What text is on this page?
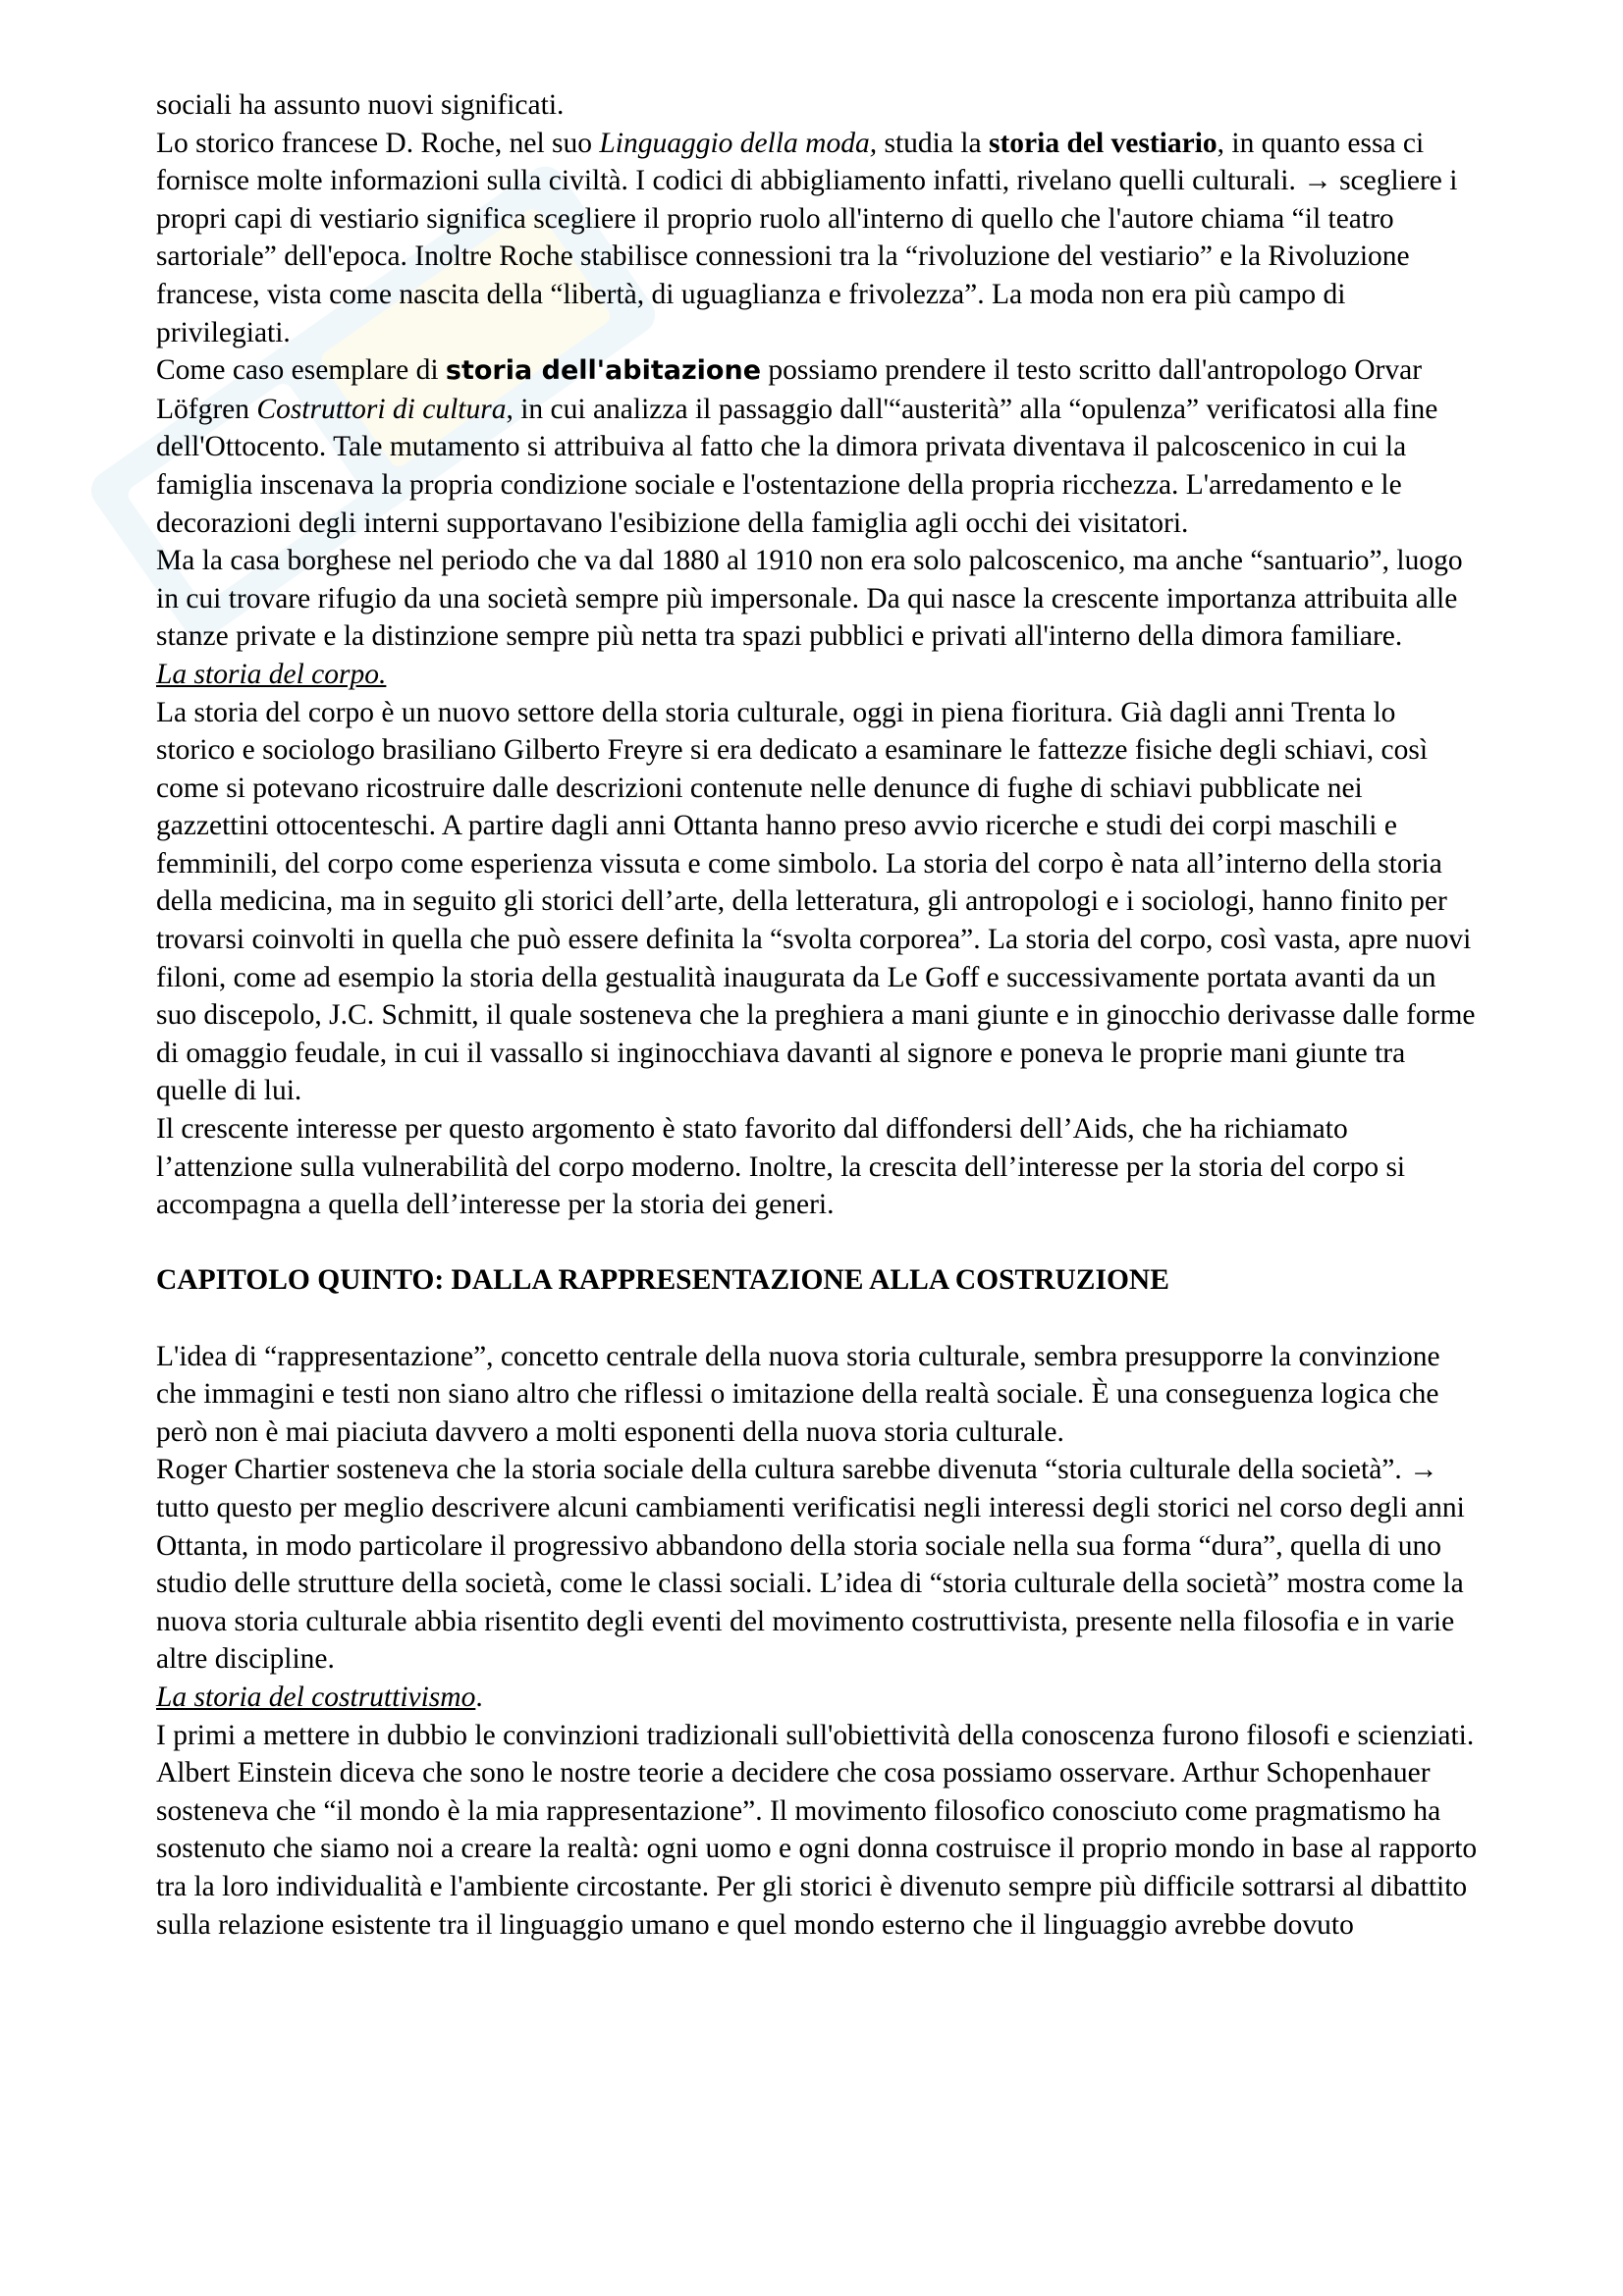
sociali ha assunto nuovi significati.

Lo storico francese D. Roche, nel suo Linguaggio della moda, studia la storia del vestiario, in quanto essa ci fornisce molte informazioni sulla civiltà. I codici di abbigliamento infatti, rivelano quelli culturali. → scegliere i propri capi di vestiario significa scegliere il proprio ruolo all'interno di quello che l'autore chiama “il teatro sartoriale” dell'epoca. Inoltre Roche stabilisce connessioni tra la “rivoluzione del vestiario” e la Rivoluzione francese, vista come nascita della “libertà, di uguaglianza e frivolezza”. La moda non era più campo di privilegiati.

Come caso esemplare di storia dell'abitazione possiamo prendere il testo scritto dall'antropologo Orvar Löfgren Costruttori di cultura, in cui analizza il passaggio dall'“austerità” alla “opulenza” verificatosi alla fine dell'Ottocento. Tale mutamento si attribuiva al fatto che la dimora privata diventava il palcoscenico in cui la famiglia inscenava la propria condizione sociale e l'ostentazione della propria ricchezza. L'arredamento e le decorazioni degli interni supportavano l'esibizione della famiglia agli occhi dei visitatori.

Ma la casa borghese nel periodo che va dal 1880 al 1910 non era solo palcoscenico, ma anche “santuario”, luogo in cui trovare rifugio da una società sempre più impersonale. Da qui nasce la crescente importanza attribuita alle stanze private e la distinzione sempre più netta tra spazi pubblici e privati all'interno della dimora familiare.

La storia del corpo.

La storia del corpo è un nuovo settore della storia culturale, oggi in piena fioritura. Già dagli anni Trenta lo storico e sociologo brasiliano Gilberto Freyre si era dedicato a esaminare le fattezze fisiche degli schiavi, così come si potevano ricostruire dalle descrizioni contenute nelle denunce di fughe di schiavi pubblicate nei gazzettini ottocenteschi. A partire dagli anni Ottanta hanno preso avvio ricerche e studi dei corpi maschili e femminili, del corpo come esperienza vissuta e come simbolo. La storia del corpo è nata all’interno della storia della medicina, ma in seguito gli storici dell’arte, della letteratura, gli antropologi e i sociologi, hanno finito per trovarsi coinvolti in quella che può essere definita la “svolta corporea”. La storia del corpo, così vasta, apre nuovi filoni, come ad esempio la storia della gestualità inaugurata da Le Goff e successivamente portata avanti da un suo discepolo, J.C. Schmitt, il quale sosteneva che la preghiera a mani giunte e in ginocchio derivasse dalle forme di omaggio feudale, in cui il vassallo si inginocchiava davanti al signore e poneva le proprie mani giunte tra quelle di lui.

Il crescente interesse per questo argomento è stato favorito dal diffondersi dell’Aids, che ha richiamato l’attenzione sulla vulnerabilità del corpo moderno. Inoltre, la crescita dell’interesse per la storia del corpo si accompagna a quella dell’interesse per la storia dei generi.

CAPITOLO QUINTO: DALLA RAPPRESENTAZIONE ALLA COSTRUZIONE

L'idea di “rappresentazione”, concetto centrale della nuova storia culturale, sembra presupporre la convinzione che immagini e testi non siano altro che riflessi o imitazione della realtà sociale. È una conseguenza logica che però non è mai piaciuta davvero a molti esponenti della nuova storia culturale.

Roger Chartier sosteneva che la storia sociale della cultura sarebbe divenuta “storia culturale della società”. → tutto questo per meglio descrivere alcuni cambiamenti verificatisi negli interessi degli storici nel corso degli anni Ottanta, in modo particolare il progressivo abbandono della storia sociale nella sua forma “dura”, quella di uno studio delle strutture della società, come le classi sociali. L’idea di “storia culturale della società” mostra come la nuova storia culturale abbia risentito degli eventi del movimento costruttivista, presente nella filosofia e in varie altre discipline.

La storia del costruttivismo.

I primi a mettere in dubbio le convinzioni tradizionali sull'obiettività della conoscenza furono filosofi e scienziati. Albert Einstein diceva che sono le nostre teorie a decidere che cosa possiamo osservare. Arthur Schopenhauer sosteneva che “il mondo è la mia rappresentazione”. Il movimento filosofico conosciuto come pragmatismo ha sostenuto che siamo noi a creare la realtà: ogni uomo e ogni donna costruisce il proprio mondo in base al rapporto tra la loro individualità e l'ambiente circostante. Per gli storici è divenuto sempre più difficile sottrarsi al dibattito sulla relazione esistente tra il linguaggio umano e quel mondo esterno che il linguaggio avrebbe dovuto
